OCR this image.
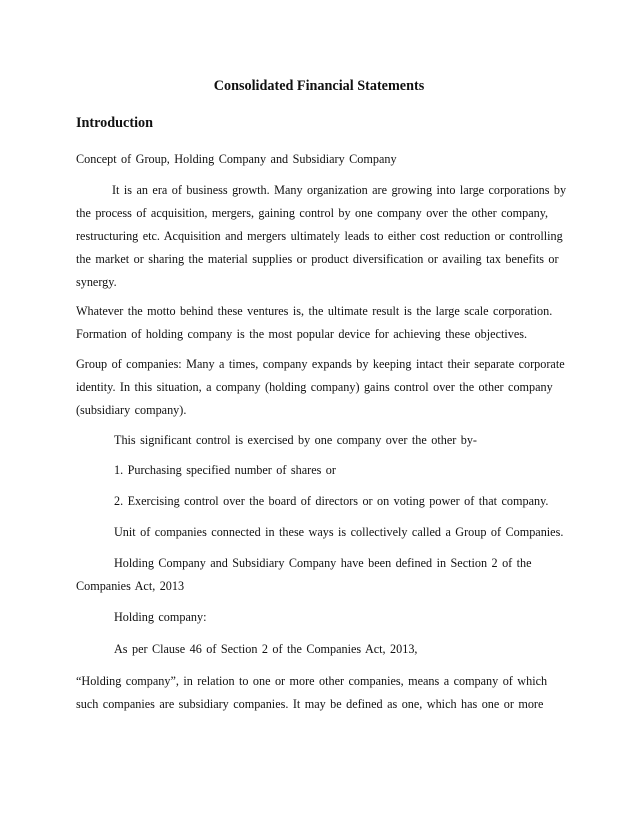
Consolidated Financial Statements
Introduction
Concept of Group, Holding Company and Subsidiary Company
It is an era of business growth. Many organization are growing into large corporations by
the process of acquisition, mergers, gaining control by one company over the other company,
restructuring etc. Acquisition and mergers ultimately leads to either cost reduction or controlling
the market or sharing the material supplies or product diversification or availing tax benefits or
synergy.
Whatever the motto behind these ventures is, the ultimate result is the large scale corporation.
Formation of holding company is the most popular device for achieving these objectives.
Group of companies: Many a times, company expands by keeping intact their separate corporate
identity. In this situation, a company (holding company) gains control over the other company
(subsidiary company).
This significant control is exercised by one company over the other by-
1. Purchasing specified number of shares or
2. Exercising control over the board of directors or on voting power of that company.
Unit of companies connected in these ways is collectively called a Group of Companies.
Holding Company and Subsidiary Company have been defined in Section 2 of the
Companies Act, 2013
Holding company:
As per Clause 46 of Section 2 of the Companies Act, 2013,
“Holding company”, in relation to one or more other companies, means a company of which
such companies are subsidiary companies. It may be defined as one, which has one or more
